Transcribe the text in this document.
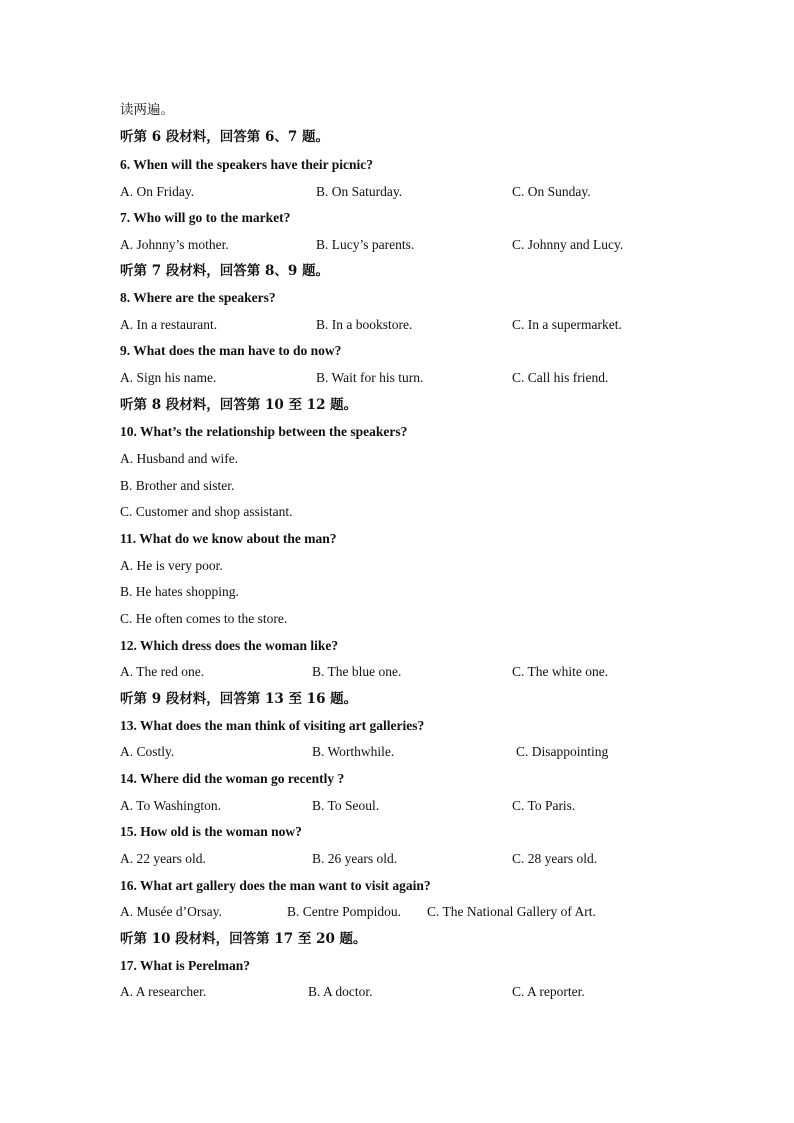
读两遍。
听第 6 段材料，回答第 6、7 题。
6. When will the speakers have their picnic?
A. On Friday.	B. On Saturday.	C. On Sunday.
7. Who will go to the market?
A. Johnny’s mother.	B. Lucy’s parents.	C. Johnny and Lucy.
听第 7 段材料，回答第 8、9 题。
8. Where are the speakers?
A. In a restaurant.	B. In a bookstore.	C. In a supermarket.
9. What does the man have to do now?
A. Sign his name.	B. Wait for his turn.	C. Call his friend.
听第 8 段材料，回答第 10 至 12 题。
10. What’s the relationship between the speakers?
A. Husband and wife.
B. Brother and sister.
C. Customer and shop assistant.
11. What do we know about the man?
A. He is very poor.
B. He hates shopping.
C. He often comes to the store.
12. Which dress does the woman like?
A. The red one.	B. The blue one.	C. The white one.
听第 9 段材料，回答第 13 至 16 题。
13. What does the man think of visiting art galleries?
A. Costly.	B. Worthwhile.	C. Disappointing
14. Where did the woman go recently ?
A. To Washington.	B. To Seoul.	C. To Paris.
15. How old is the woman now?
A. 22 years old.	B. 26 years old.	C. 28 years old.
16. What art gallery does the man want to visit again?
A. Musée d’Orsay.	B. Centre Pompidou. C. The National Gallery of Art.
听第 10 段材料，回答第 17 至 20 题。
17. What is Perelman?
A. A researcher.	B. A doctor.	C. A reporter.
